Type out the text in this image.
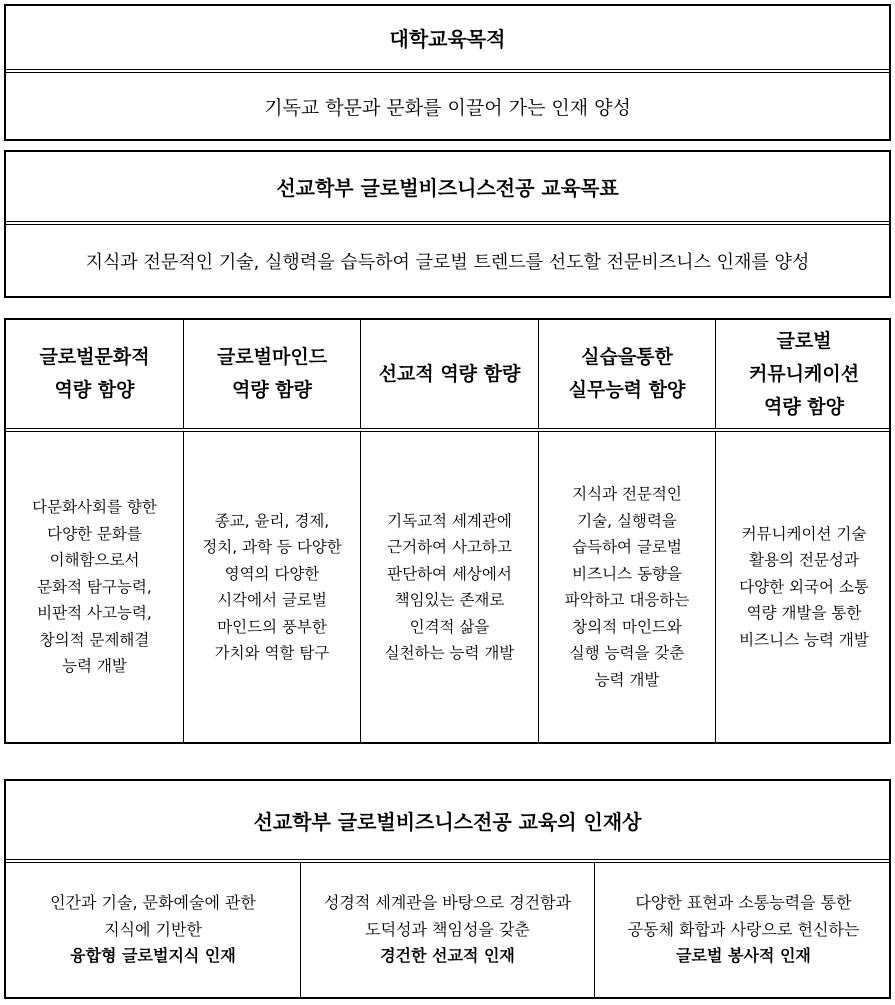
대학교육목적
기독교 학문과 문화를 이끌어 가는 인재 양성
선교학부 글로벌비즈니스전공 교육목표
지식과 전문적인 기술, 실행력을 습득하여 글로벌 트렌드를 선도할 전문비즈니스 인재를 양성
글로벌문화적
역량 함양
글로벌마인드
역량 함량
선교적 역량 함량
실습을통한
실무능력 함양
글로벌
커뮤니케이션
역량 함양
다문화사회를 향한
다양한 문화를
이해함으로서
문화적 탐구능력,
비판적 사고능력,
창의적 문제해결
능력 개발
종교, 윤리, 경제,
정치, 과학 등 다양한
영역의 다양한
시각에서 글로벌
마인드의 풍부한
가치와 역할 탐구
기독교적 세계관에
근거하여 사고하고
판단하여 세상에서
책임있는 존재로
인격적 삶을
실천하는 능력 개발
지식과 전문적인
기술, 실행력을
습득하여 글로벌
비즈니스 동향을
파악하고 대응하는
창의적 마인드와
실행 능력을 갖춘
능력 개발
커뮤니케이션 기술
활용의 전문성과
다양한 외국어 소통
역량 개발을 통한
비즈니스 능력 개발
선교학부 글로벌비즈니스전공 교육의 인재상
인간과 기술, 문화예술에 관한
지식에 기반한
융합형 글로벌지식 인재
성경적 세계관을 바탕으로 경건함과
도덕성과 책임성을 갖춘
경건한 선교적 인재
다양한 표현과 소통능력을 통한
공동체 화합과 사랑으로 헌신하는
글로벌 봉사적 인재
